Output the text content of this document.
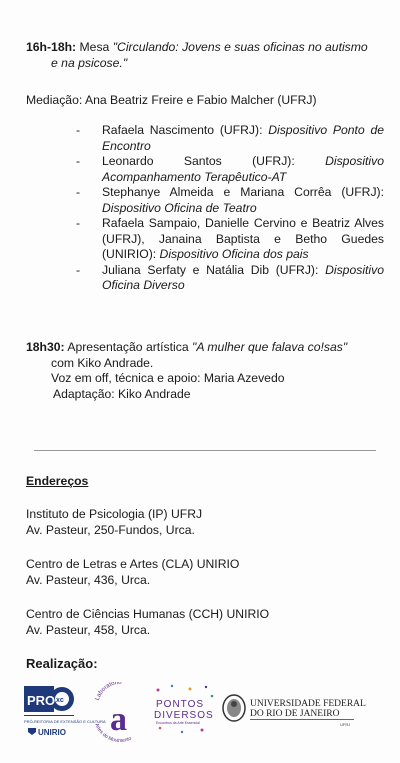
16h-18h: Mesa "Circulando: Jovens e suas oficinas no autismo
e na psicose."
Mediação: Ana Beatriz Freire e Fabio Malcher (UFRJ)
- Rafaela Nascimento (UFRJ): Dispositivo Ponto de Encontro
- Leonardo Santos (UFRJ): Dispositivo Acompanhamento Terapêutico-AT
- Stephanye Almeida e Mariana Corrêa (UFRJ): Dispositivo Oficina de Teatro
- Rafaela Sampaio, Danielle Cervino e Beatriz Alves (UFRJ), Janaina Baptista e Betho Guedes (UNIRIO): Dispositivo Oficina dos pais
- Juliana Serfaty e Natália Dib (UFRJ): Dispositivo Oficina Diverso
18h30: Apresentação artística "A mulher que falava co!sas"
com Kiko Andrade.
Voz em off, técnica e apoio: Maria Azevedo
Adaptação: Kiko Andrade
Endereços
Instituto de Psicologia (IP) UFRJ
Av. Pasteur, 250-Fundos, Urca.
Centro de Letras e Artes (CLA) UNIRIO
Av. Pasteur, 436, Urca.
Centro de Ciências Humanas (CCH) UNIRIO
Av. Pasteur, 458, Urca.
Realização:
PRO xc
PRÓ-REITORIA DE EXTENSÃO E CULTURA
UNIRIO
Laboratório
a
Artes do Movimento
PONTOS
DIVERSOS
Encontros da Arte Essencial
UNIVERSIDADE FEDERAL
DO RIO DE JANEIRO
UFRJ
